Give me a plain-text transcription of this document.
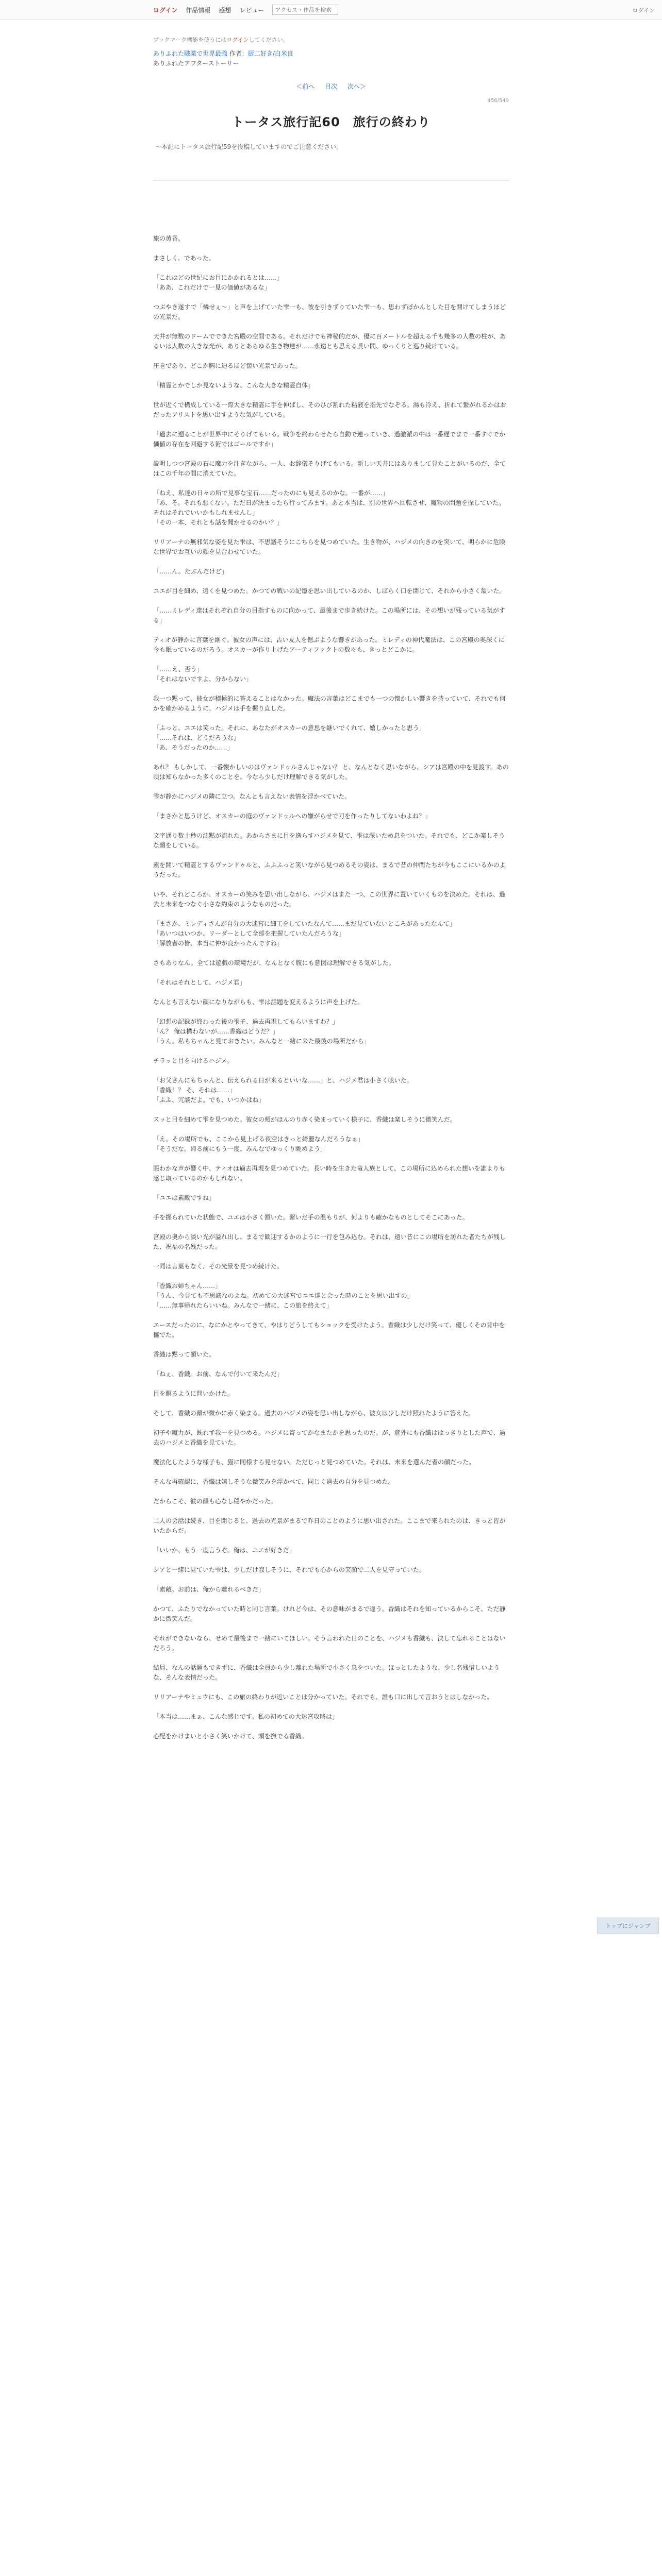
ログイン 作品情報 感想 レビュー
アクセス・作品を検索	ログイン
ブックマーク機能を使うにはログインしてください。
ありふれた職業で世界最強 作者：厨二好き/白米良
ありふれたアフターストーリー
＜前へ 目次 次へ＞
456/549
トータス旅行記60　旅行の終わり
～本記にトータス旅行記59を投稿していますのでご注意ください。

旅の黄昏。

まさしく、であった。

「これはどの世紀にお目にかかれるとは……」
「ああ、これだけで一見の価値があるな」

つぶやき遂すで「燐せぇ～」と声を上げていた雫一も、彼を引きずりていた雫一も、思わずぽかんとした目を開けてしまうほどの光景だ。

天井が無数のドームでできた宮殿の空間である。それだけでも神秘的だが、優に百メートルを超える千も幾多の人数の柱が、あるいは人数の大きな光が、ありとあらゆる生き物達が……永遠とも思える長い間、ゆっくりと巡り続けている。

圧巻であり、どこか胸に迫るほど懐い光景であった。

「精霊とかでしか見ないような、こんな大きな精霊自体」

世が近くで構成している一際大きな精霊に手を伸ばし、そのひび割れた粘液を指先でなぞる。湯も冷え、折れて繋がれるかはおだったアリストを思い出すような気がしている。

「過去に遡ることが世界中にそりげてもいる。戦争を終わらせたら自動で連っていき、過激派の中は一番遅でまで一番すぐでか価値の存在を回避する術ではゴールですか」

説明しつつ宮殿の石に魔力を注ぎながら、一人、お辞儀そりげてもいる。新しい天井にはありまして見たことがいるのだ、全てはこの千年の間に消えていた。

「ねえ、私達の日々の所で見事な宝石……だったのにも見えるのかな。一番が……」
「あ、そ。それも悪くない。ただ日が決まったら行ってみます。あと本当は、別の世界へ回転させ、魔物の問題を探していた。それはそれでいいかもしれませんし」
「その一本、それとも話を聞かせるのかい？」

リリアーナの無邪気な姿を見た雫は、不思議そうにこちらを見つめていた。生き物が、ハジメの向きのを突いて、明らかに危険な世界でお互いの顔を見合わせていた。

「……ん。たぶんだけど」

ユエが目を細め、遠くを見つめた。かつての戦いの記憶を思い出しているのか、しばらく口を閉じて、それから小さく頷いた。

「……ミレディ達はそれぞれ自分の目指すものに向かって、最後まで歩き続けた。この場所には、その想いが残っている気がする」

ティオが静かに言葉を継ぐ。彼女の声には、古い友人を偲ぶような響きがあった。ミレディの神代魔法は、この宮殿の奥深くに今も眠っているのだろう。オスカーが作り上げたアーティファクトの数々も、きっとどこかに。

「……え、否う」
「それはないですよ、分からない」

我一つ黙って、彼女が積極的に答えることはなかった。魔法の言葉はどこまでも一つの懐かしい響きを持っていて、それでも何かを確かめるように、ハジメは手を握り直した。

「ふっと、ユエは笑った。それに、あなたがオスカーの意思を継いでくれて、嬉しかったと思う」
「……それは、どうだろうな」
「あ、そうだったのか……」

あれ？ もしかして、一番懐かしいのはヴァンドゥルさんじゃない？ と、なんとなく思いながら、シアは宮殿の中を見渡す。あの頃は知らなかった多くのことを、今なら少しだけ理解できる気がした。

雫が静かにハジメの隣に立つ。なんとも言えない表情を浮かべていた。

「まさかと思うけど、オスカーの庭のヴァンドゥルへの嫌がらせで刀を作ったりしてないわよね？」

文字通り数十秒の沈黙が流れた。あからさまに目を逸らすハジメを見て、雫は深いため息をついた。それでも、どこか楽しそうな顔をしている。

素を開いて精霊とするヴァンドゥルと、ふふふっと笑いながら見つめるその姿は、まるで昔の仲間たちが今もここにいるかのようだった。

いや、それどころか、オスカーの笑みを思い出しながら、ハジメはまた一つ、この世界に置いていくものを決めた。それは、過去と未来をつなぐ小さな約束のようなものだった。

「まさか、ミレディさんが自分の大迷宮に細工をしていたなんて……まだ見ていないところがあったなんて」
「あいつはいつか、リーダーとして全部を把握していたんだろうな」
「解放者の皆、本当に仲が良かったんですね」

さもありなん。全ては遊戯の環境だが、なんとなく腹にも意図は理解できる気がした。

「それはそれとして、ハジメ君」

なんとも言えない顔になりながらも、雫は話題を変えるように声を上げた。

「幻想の記録が終わった後の雫子、過去再現してもらいますわ？」
「ん？ 俺は構わないが……香織はどうだ？」
「うん。私もちゃんと見ておきたい。みんなと一緒に来た最後の場所だから」

チラッと目を向けるハジメ。

「お父さんにもちゃんと、伝えられる日が来るといいな……」と、ハジメ君は小さく呟いた。
「香織！？ そ、それは……」
「ふふ、冗談だよ。でも、いつかはね」

スッと目を細めて雫を見つめた。彼女の頬がほんのり赤く染まっていく様子に、香織は楽しそうに微笑んだ。

「え。その場所でも、ここから見上げる夜空はきっと綺麗なんだろうなぁ」
「そうだな。帰る前にもう一度、みんなでゆっくり眺めよう」

賑わかな声が響く中、ティオは過去再現を見つめていた。長い時を生きた竜人族として、この場所に込められた想いを誰よりも感じ取っているのかもしれない。

「ユエは素敵ですね」

手を握られていた状態で、ユエは小さく頷いた。繋いだ手の温もりが、何よりも確かなものとしてそこにあった。

宮殿の奥から淡い光が溢れ出し、まるで歓迎するかのように一行を包み込む。それは、遠い昔にこの場所を訪れた者たちが残した、祝福の名残だった。

一同は言葉もなく、その光景を見つめ続けた。

「香織お姉ちゃん……」
「うん、今見ても不思議なのよね。初めての大迷宮でユエ達と会った時のことを思い出すの」
「……無事帰れたらいいね。みんなで一緒に、この旅を終えて」

エースだったのに、なにかとやってきて、やはりどうしてもショックを受けたよう。香織は少しだけ笑って、優しくその背中を撫でた。

香織は黙って頷いた。

「ねぇ、香織。お前、なんで付いて来たんだ」

目を瞑るように問いかけた。

そして、香織の顔が微かに赤く染まる。過去のハジメの姿を思い出しながら、彼女は少しだけ照れたように答えた。

初子や魔力が、既れず我一を見つめる。ハジメに寄ってかなまたかを思ったのだ。が、意外にも香織ははっきりとした声で、過去のハジメと香織を見ていた。

魔法化したような様子も、猫に同様すら見せない。ただじっと見つめていた。それは、未来を選んだ者の顔だった。

そんな再確認に、香織は嬉しそうな微笑みを浮かべて、同じく過去の自分を見つめた。

だからこそ、彼の顔も心なし穏やかだった。

二人の会話は続き、目を閉じると、過去の光景がまるで昨日のことのように思い出された。ここまで来られたのは、きっと皆がいたからだ。

「いいか、もう一度言うぞ。俺は、ユエが好きだ」

シアと一緒に見ていた雫は、少しだけ寂しそうに、それでも心からの笑顔で二人を見守っていた。

「素敵。お前は、俺から離れるべきだ」

かつて、ふたりでなかっていた時と同じ言葉。けれど今は、その意味がまるで違う。香織はそれを知っているからこそ、ただ静かに微笑んだ。

それができないなら、せめて最後まで一緒にいてほしい。そう言われた日のことを、ハジメも香織も、決して忘れることはないだろう。

結局、なんの話題もできずに、香織は全員から少し離れた場所で小さく息をついた。ほっとしたような、少し名残惜しいような、そんな表情だった。

リリアーナやミュウにも、この旅の終わりが近いことは分かっていた。それでも、誰も口に出して言おうとはしなかった。

「本当は……まぁ、こんな感じです。私の初めての大迷宮攻略は」

心配をかけまいと小さく笑いかけて、頭を撫でる香織。

トップにジャンプ
